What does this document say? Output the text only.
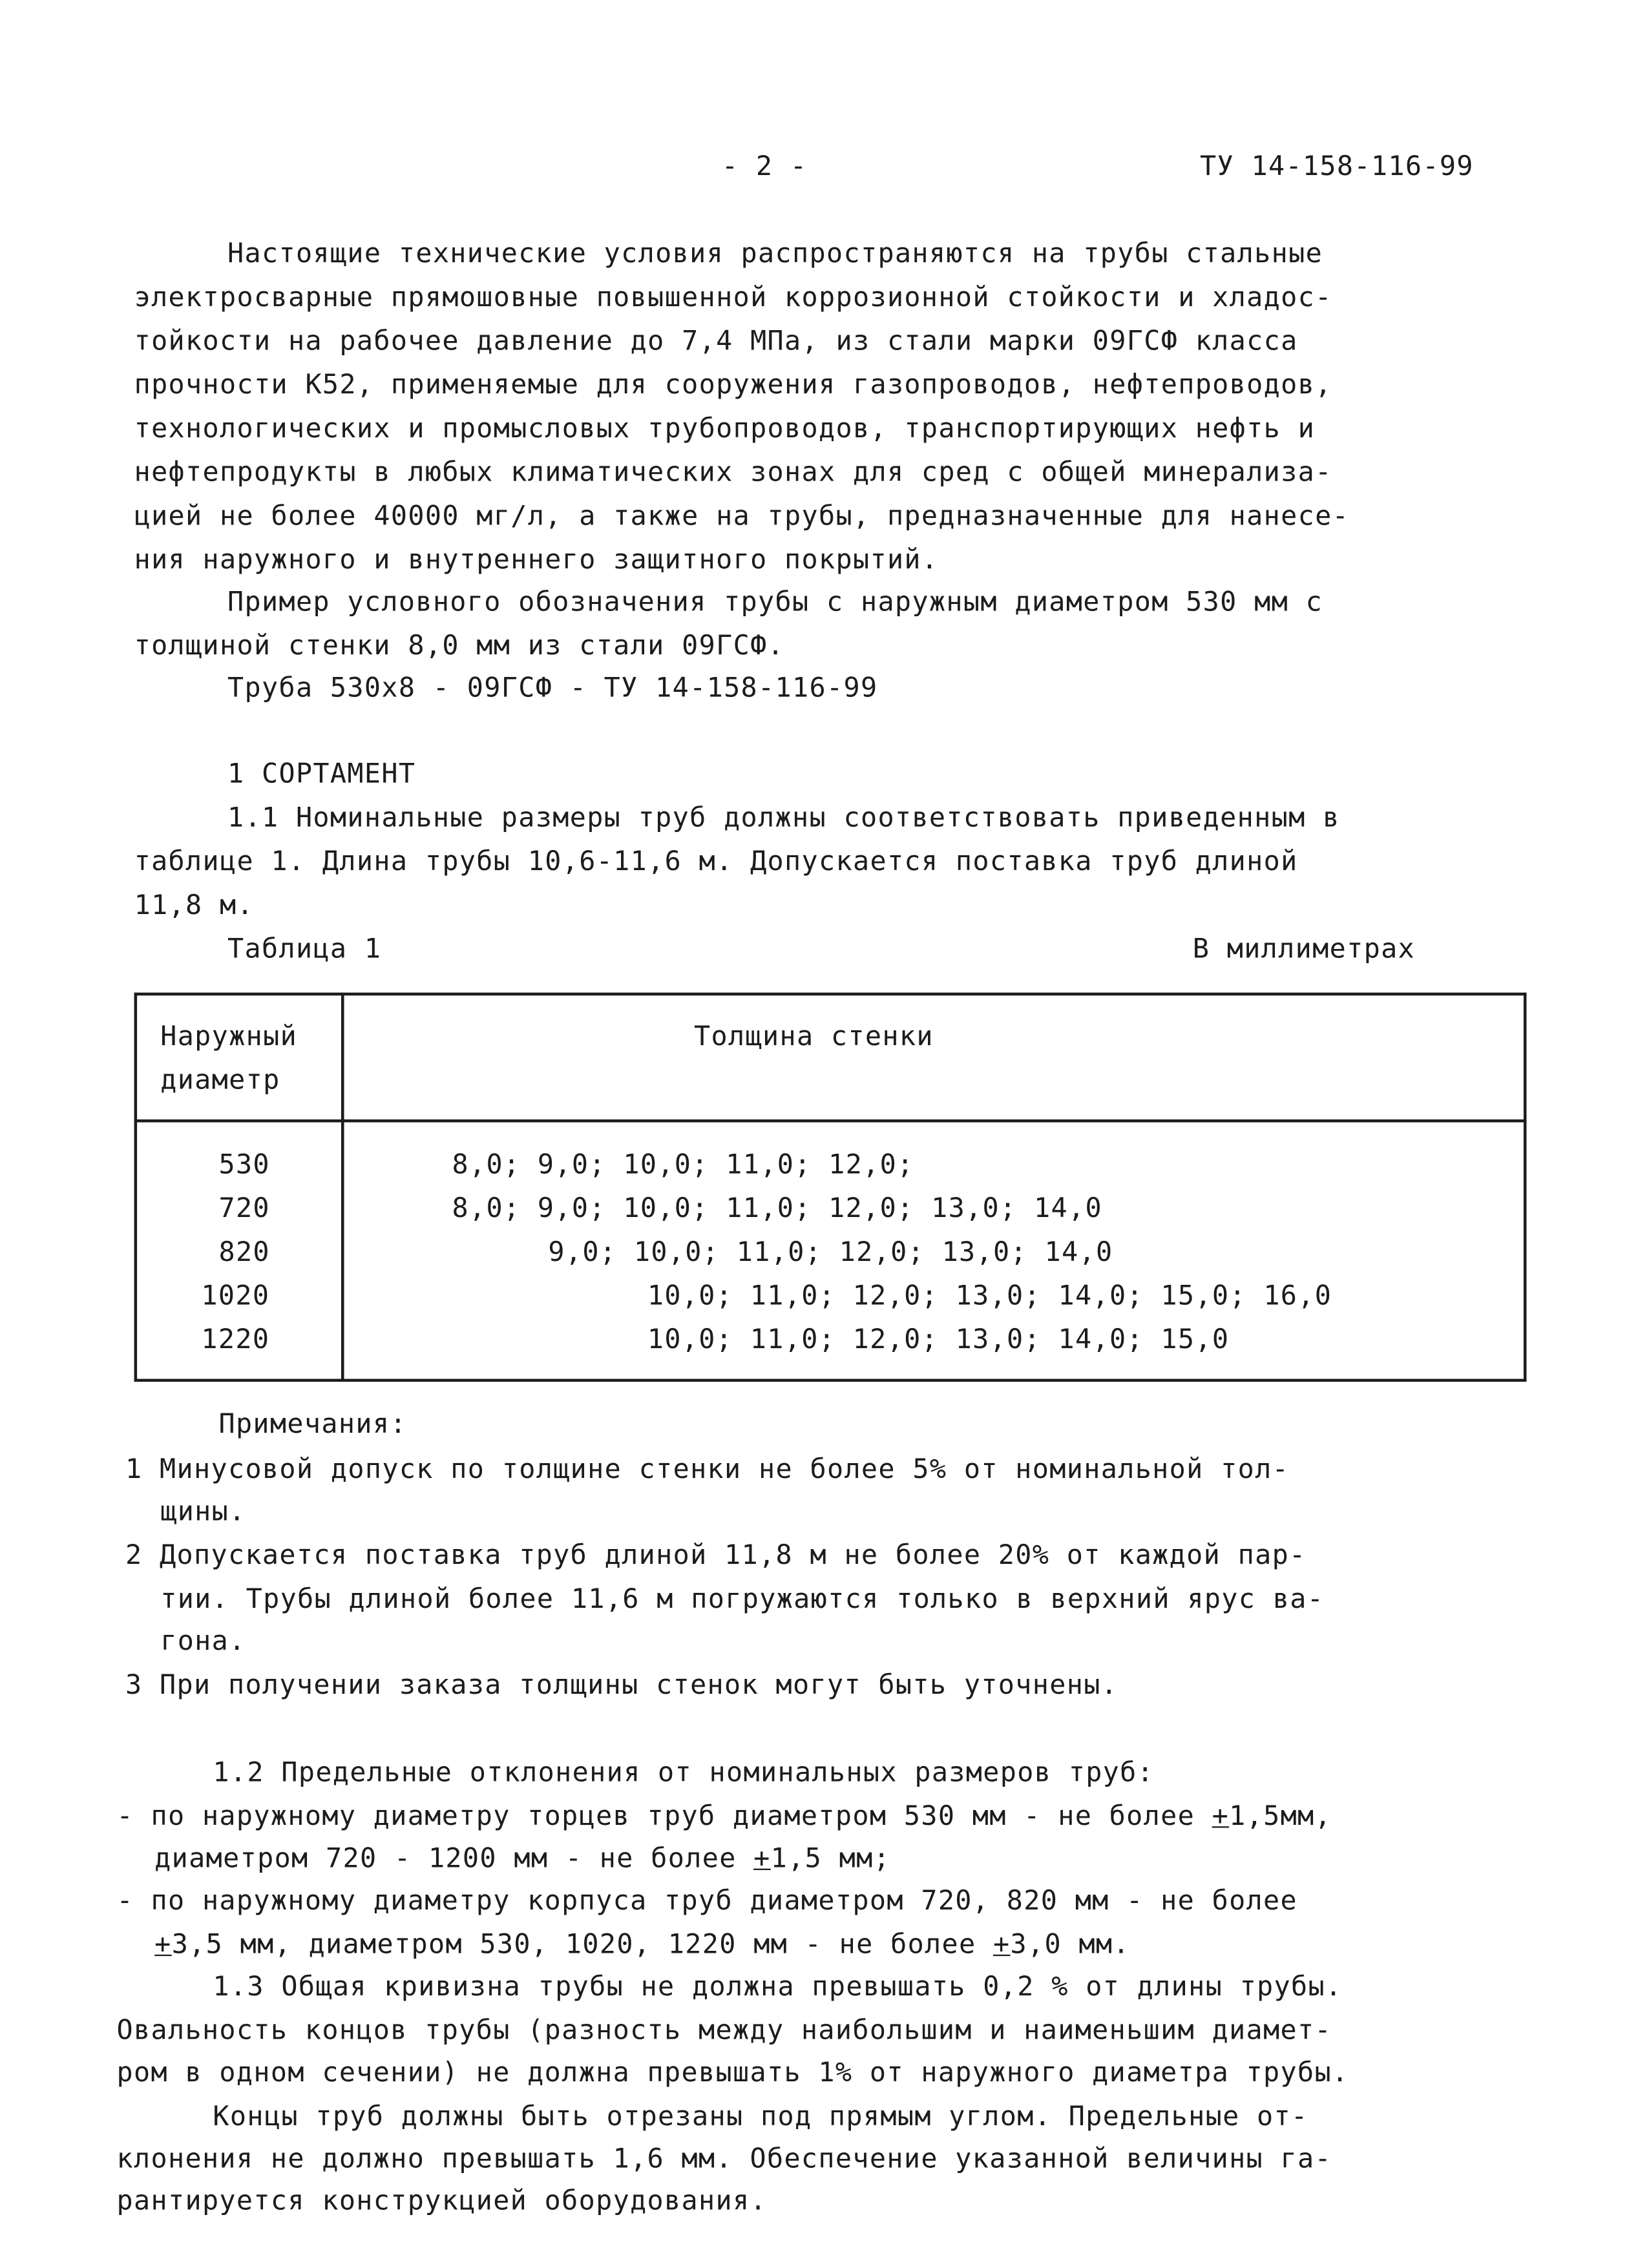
- 2 -	ТУ 14-158-116-99
Настоящие технические условия распространяются на трубы стальные
электросварные прямошовные повышенной коррозионной стойкости и хладос-
тойкости на рабочее давление до 7,4 МПа, из стали марки 09ГСФ класса
прочности К52, применяемые для сооружения газопроводов, нефтепроводов,
технологических и промысловых трубопроводов, транспортирующих нефть и
нефтепродукты в любых климатических зонах для сред с общей минерализа-
цией не более 40000 мг/л, а также на трубы, предназначенные для нанесе-
ния наружного и внутреннего защитного покрытий.
Пример условного обозначения трубы с наружным диаметром 530 мм с
толщиной стенки 8,0 мм из стали 09ГСФ.
Труба 530х8 - 09ГСФ - ТУ 14-158-116-99
1 СОРТАМЕНТ
1.1 Номинальные размеры труб должны соответствовать приведенным в
таблице 1. Длина трубы 10,6-11,6 м. Допускается поставка труб длиной
11,8 м.
Таблица 1	В миллиметрах
Наружный
диаметр
Толщина стенки
530	8,0; 9,0; 10,0; 11,0; 12,0;
720	8,0; 9,0; 10,0; 11,0; 12,0; 13,0; 14,0
820	9,0; 10,0; 11,0; 12,0; 13,0; 14,0
1020	10,0; 11,0; 12,0; 13,0; 14,0; 15,0; 16,0
1220	10,0; 11,0; 12,0; 13,0; 14,0; 15,0
Примечания:
1 Минусовой допуск по толщине стенки не более 5% от номинальной тол-
щины.
2 Допускается поставка труб длиной 11,8 м не более 20% от каждой пар-
тии. Трубы длиной более 11,6 м погружаются только в верхний ярус ва-
гона.
3 При получении заказа толщины стенок могут быть уточнены.
1.2 Предельные отклонения от номинальных размеров труб:
- по наружному диаметру торцев труб диаметром 530 мм - не более +1,5мм,
диаметром 720 - 1200 мм - не более +1,5 мм;
- по наружному диаметру корпуса труб диаметром 720, 820 мм - не более
+3,5 мм, диаметром 530, 1020, 1220 мм - не более +3,0 мм.
1.3 Общая кривизна трубы не должна превышать 0,2 % от длины трубы.
Овальность концов трубы (разность между наибольшим и наименьшим диамет-
ром в одном сечении) не должна превышать 1% от наружного диаметра трубы.
Концы труб должны быть отрезаны под прямым углом. Предельные от-
клонения не должно превышать 1,6 мм. Обеспечение указанной величины га-
рантируется конструкцией оборудования.
